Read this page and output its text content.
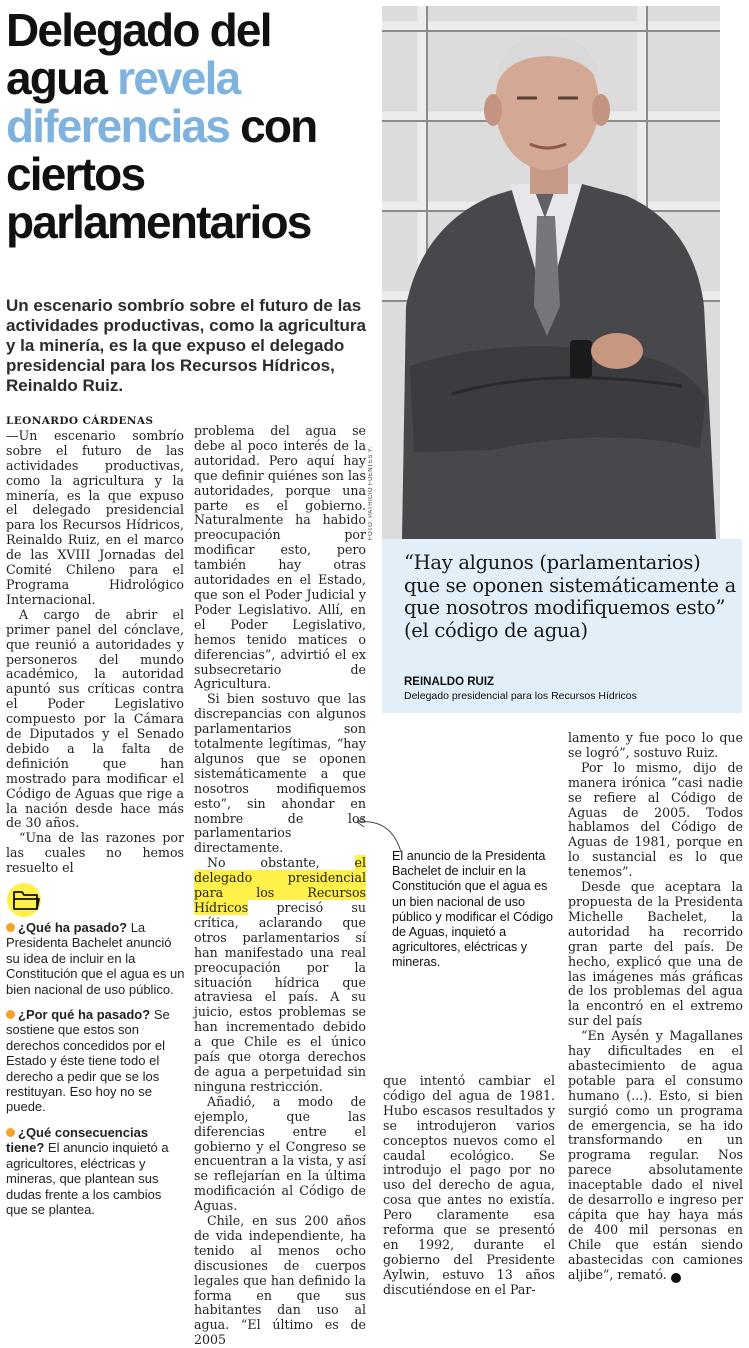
Delegado del agua revela diferencias con ciertos parlamentarios

Un escenario sombrío sobre el futuro de las actividades productivas, como la agricultura y la minería, es la que expuso el delegado presidencial para los Recursos Hídricos, Reinaldo Ruiz.

FOTO: PATRICIO FUENTES Y.

“Hay algunos (parlamentarios) que se oponen sistemáticamente a que nosotros modifiquemos esto” (el código de agua)

REINALDO RUIZ
Delegado presidencial para los Recursos Hídricos
LEONARDO CÁRDENAS

—Un escenario sombrío sobre el futuro de las actividades productivas, como la agricultura y la minería, es la que expuso el delegado presidencial para los Recursos Hídricos, Reinaldo Ruiz, en el marco de las XVIII Jornadas del Comité Chileno para el Programa Hidrológico Internacional.

A cargo de abrir el primer panel del cónclave, que reunió a autoridades y personeros del mundo académico, la autoridad apuntó sus críticas contra el Poder Legislativo compuesto por la Cámara de Diputados y el Senado debido a la falta de definición que han mostrado para modificar el Código de Aguas que rige a la nación desde hace más de 30 años.

“Una de las razones por las cuales no hemos resuelto el

¿Qué ha pasado? La Presidenta Bachelet anunció su idea de incluir en la Constitución que el agua es un bien nacional de uso público.

¿Por qué ha pasado? Se sostiene que estos son derechos concedidos por el Estado y éste tiene todo el derecho a pedir que se los restituyan. Eso hoy no se puede.

¿Qué consecuencias tiene? El anuncio inquietó a agricultores, eléctricas y mineras, que plantean sus dudas frente a los cambios que se plantea.

problema del agua se debe al poco interés de la autoridad. Pero aquí hay que definir quiénes son las autoridades, porque una parte es el gobierno. Naturalmente ha habido preocupación por modificar esto, pero también hay otras autoridades en el Estado, que son el Poder Judicial y Poder Legislativo. Allí, en el Poder Legislativo, hemos tenido matices o diferencias”, advirtió el ex subsecretario de Agricultura.

Si bien sostuvo que las discrepancias con algunos parlamentarios son totalmente legítimas, “hay algunos que se oponen sistemáticamente a que nosotros modifiquemos esto”, sin ahondar en nombre de los parlamentarios directamente.

No obstante,	el delegado presidencial para los Recursos Hídricos precisó su crítica, aclarando que otros parlamentarios sí han manifestado una real preocupación por la situación hídrica que atraviesa el país. A su juicio, estos problemas se han incrementado debido a que Chile es el único país que otorga derechos de agua a perpetuidad sin ninguna restricción.

Añadió, a modo de ejemplo, que las diferencias entre el gobierno y el Congreso se encuentran a la vista, y así se reflejarían en la última modificación al Código de Aguas.

Chile, en sus 200 años de vida independiente, ha tenido al menos ocho discusiones de cuerpos legales que han definido la forma en que sus habitantes dan uso al agua. “El último es de 2005

El anuncio de la Presidenta Bachelet de incluir en la Constitución que el agua es un bien nacional de uso público y modificar el Código de Aguas, inquietó a agricultores, eléctricas y mineras.

que intentó cambiar el código del agua de 1981. Hubo escasos resultados y se introdujeron varios conceptos nuevos como el caudal ecológico. Se introdujo el pago por no uso del derecho de agua, cosa que antes no existía. Pero claramente esa reforma que se presentó en 1992, durante el gobierno del Presidente Aylwin, estuvo 13 años discutiéndose en el Par-

lamento y fue poco lo que se logró”, sostuvo Ruiz.

Por lo mismo, dijo de manera irónica “casi nadie se refiere al Código de Aguas de 2005. Todos hablamos del Código de Aguas de 1981, porque en lo sustancial es lo que tenemos”.

Desde que aceptara la propuesta de la Presidenta Michelle Bachelet, la autoridad ha recorrido gran parte del país. De hecho, explicó que una de las imágenes más gráficas de los problemas del agua la encontró en el extremo sur del país

“En Aysén y Magallanes hay dificultades en el abastecimiento de agua potable para el consumo humano (...). Esto, si bien surgió como un programa de emergencia, se ha ido transformando en un programa regular. Nos parece absolutamente inaceptable dado el nivel de desarrollo e ingreso per cápita que hay haya más de 400 mil personas en Chile que están siendo abastecidas con camiones aljibe”, remató. P
